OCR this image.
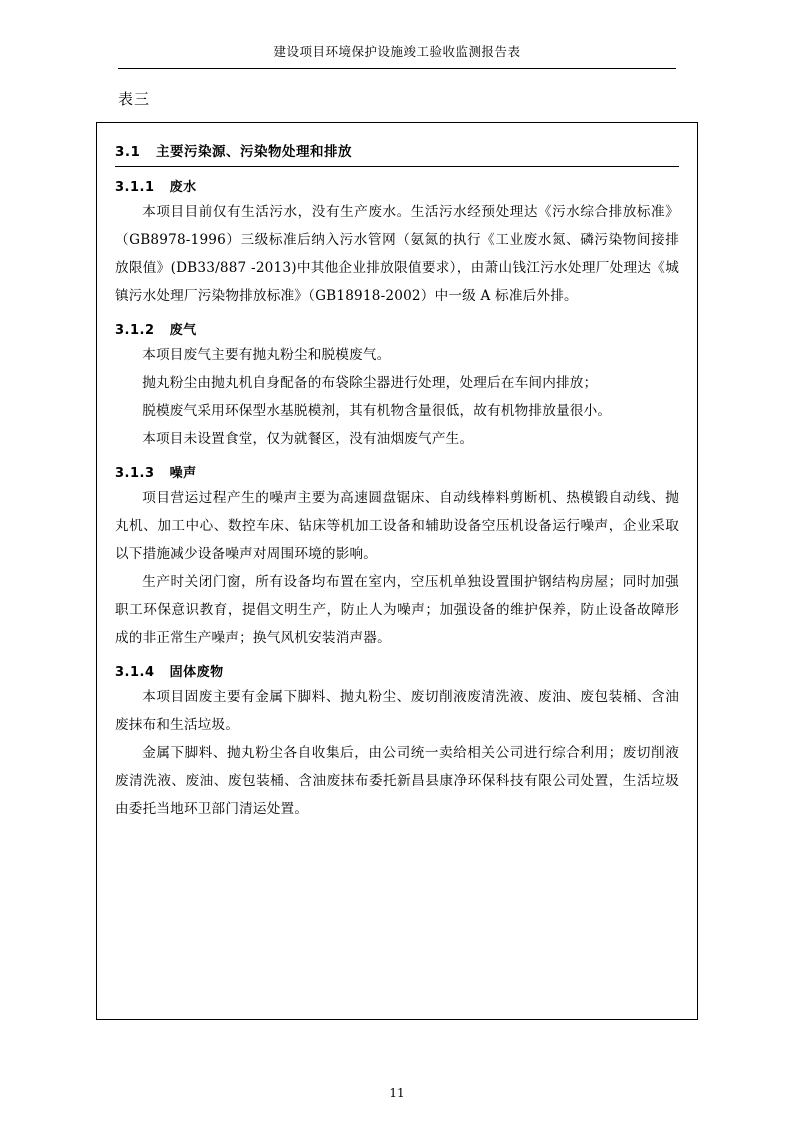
建设项目环境保护设施竣工验收监测报告表
表三
3.1 主要污染源、污染物处理和排放
3.1.1 废水

本项目目前仅有生活污水，没有生产废水。生活污水经预处理达《污水综合排放标准》（GB8978-1996）三级标准后纳入污水管网（氨氮的执行《工业废水氮、磷污染物间接排放限值》(DB33/887 -2013)中其他企业排放限值要求），由萧山钱江污水处理厂处理达《城镇污水处理厂污染物排放标准》（GB18918-2002）中一级 A 标准后外排。

3.1.2 废气

本项目废气主要有抛丸粉尘和脱模废气。

抛丸粉尘由抛丸机自身配备的布袋除尘器进行处理，处理后在车间内排放；

脱模废气采用环保型水基脱模剂，其有机物含量很低，故有机物排放量很小。

本项目未设置食堂，仅为就餐区，没有油烟废气产生。

3.1.3 噪声

项目营运过程产生的噪声主要为高速圆盘锯床、自动线棒料剪断机、热模锻自动线、抛丸机、加工中心、数控车床、钻床等机加工设备和辅助设备空压机设备运行噪声，企业采取以下措施减少设备噪声对周围环境的影响。

生产时关闭门窗，所有设备均布置在室内，空压机单独设置围护钢结构房屋；同时加强职工环保意识教育，提倡文明生产，防止人为噪声；加强设备的维护保养，防止设备故障形成的非正常生产噪声；换气风机安装消声器。

3.1.4 固体废物

本项目固废主要有金属下脚料、抛丸粉尘、废切削液废清洗液、废油、废包装桶、含油废抹布和生活垃圾。

金属下脚料、抛丸粉尘各自收集后，由公司统一卖给相关公司进行综合利用；废切削液废清洗液、废油、废包装桶、含油废抹布委托新昌县康净环保科技有限公司处置，生活垃圾由委托当地环卫部门清运处置。

11
